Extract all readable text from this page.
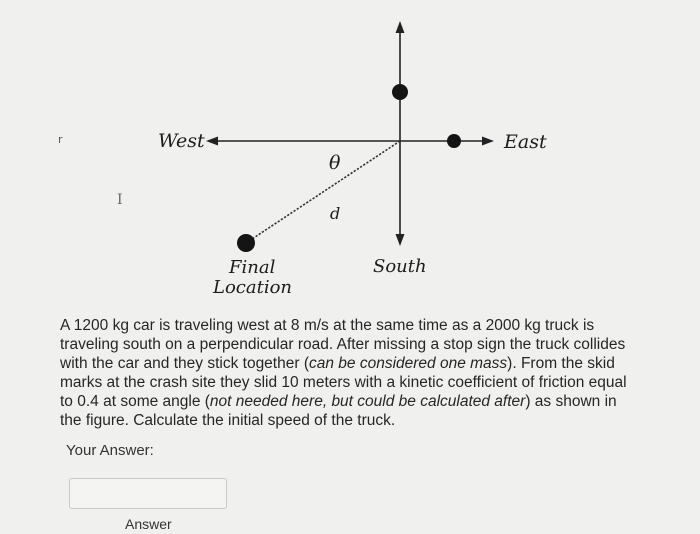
West	East
South
Final
Location
θ
d
r
I

A 1200 kg car is traveling west at 8 m/s at the same time as a 2000 kg truck is traveling south on a perpendicular road. After missing a stop sign the truck collides with the car and they stick together (can be considered one mass). From the skid marks at the crash site they slid 10 meters with a kinetic coefficient of friction equal to 0.4 at some angle (not needed here, but could be calculated after) as shown in the figure. Calculate the initial speed of the truck.

Your Answer:
Answer
